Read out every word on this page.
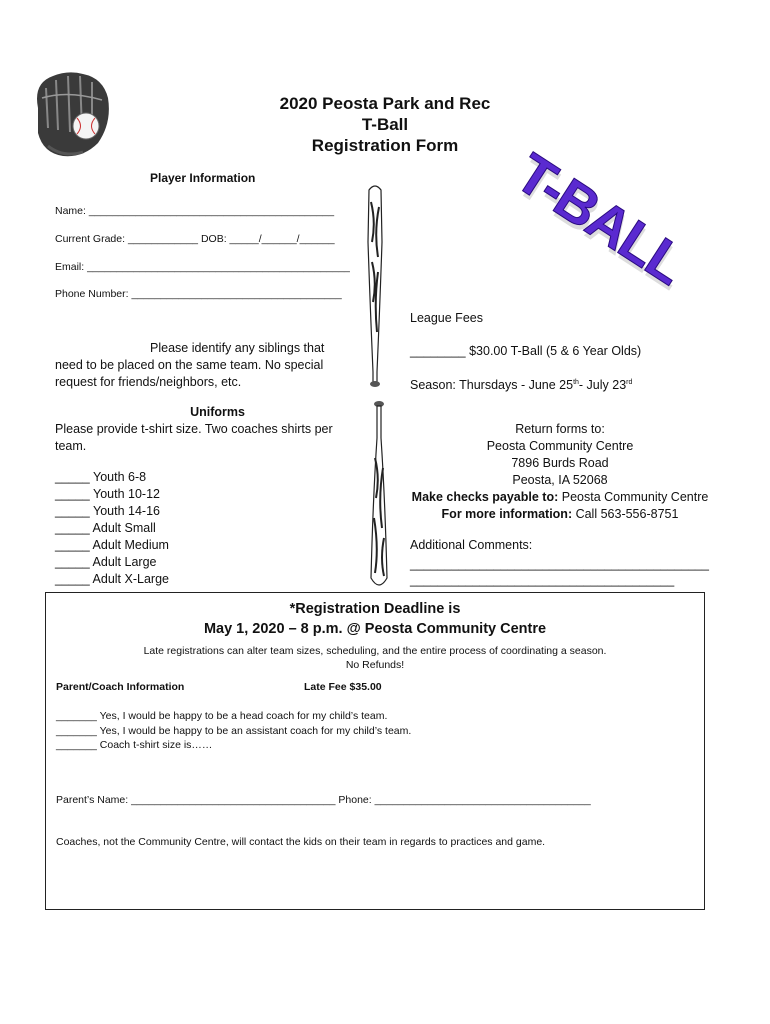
2020 Peosta Park and Rec
T-Ball
Registration Form T-BALL
Player Information
Name: __________________________________________
Current Grade: ____________ DOB: _____/______/______
Email: _____________________________________________
Phone Number: ____________________________________
Please identify any siblings that
need to be placed on the same team. No special
request for friends/neighbors, etc.
Uniforms
Please provide t-shirt size. Two coaches shirts per
team.
_____ Youth 6-8
_____ Youth 10-12
_____ Youth 14-16
_____ Adult Small
_____ Adult Medium
_____ Adult Large
_____ Adult X-Large
League Fees
________ $30.00 T-Ball (5 & 6 Year Olds)
Season: Thursdays - June 25th- July 23rd
Return forms to:
Peosta Community Centre
7896 Burds Road
Peosta, IA 52068
Make checks payable to: Peosta Community Centre
For more information: Call 563-556-8751
Additional Comments:
___________________________________________
______________________________________
*Registration Deadline is
May 1, 2020 – 8 p.m. @ Peosta Community Centre
Late registrations can alter team sizes, scheduling, and the entire process of coordinating a season.
No Refunds!
Parent/Coach Information	Late Fee $35.00
_______ Yes, I would be happy to be a head coach for my child’s team.
_______ Yes, I would be happy to be an assistant coach for my child’s team.
_______ Coach t-shirt size is……
Parent’s Name: ___________________________________ Phone: _____________________________________
Coaches, not the Community Centre, will contact the kids on their team in regards to practices and game.
